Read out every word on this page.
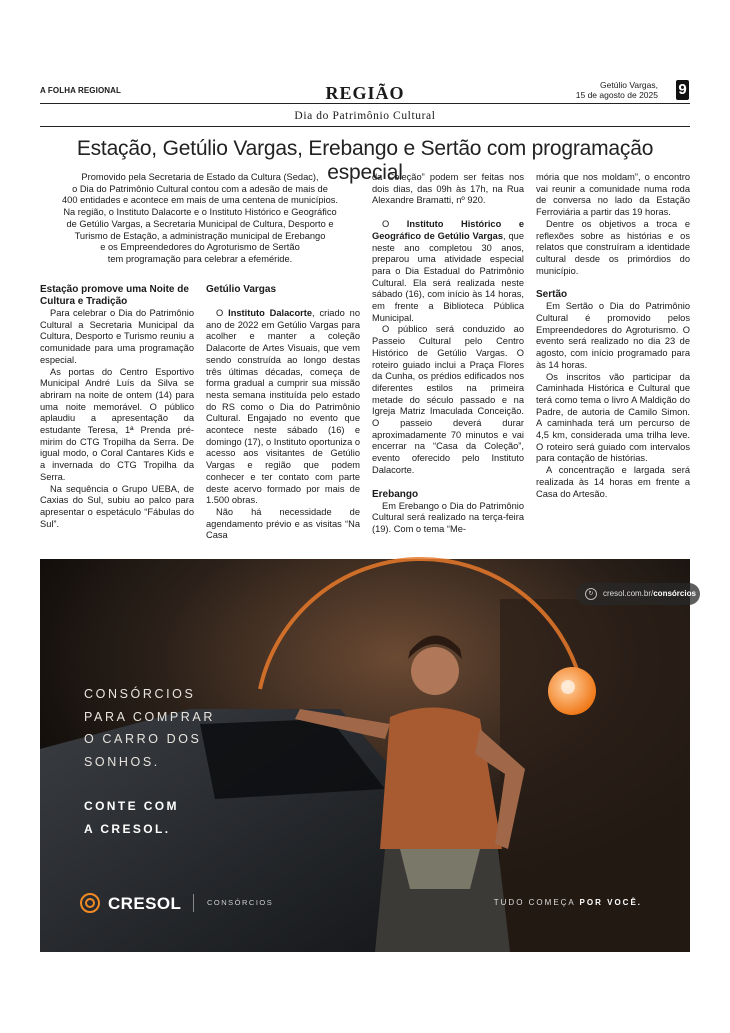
A FOLHA REGIONAL	REGIÃO	Getúlio Vargas,
15 de agosto de 2025 9
Dia do Patrimônio Cultural
Estação, Getúlio Vargas, Erebango e Sertão com programação especial
Promovido pela Secretaria de Estado da Cultura (Sedac),
o Dia do Patrimônio Cultural contou com a adesão de mais de
400 entidades e acontece em mais de uma centena de municípios.
Na região, o Instituto Dalacorte e o Instituto Histórico e Geográfico
de Getúlio Vargas, a Secretaria Municipal de Cultura, Desporto e
Turismo de Estação, a administração municipal de Erebango
e os Empreendedores do Agroturismo de Sertão
tem programação para celebrar a efeméride.
Estação promove uma Noite de Cultura e Tradição

Para celebrar o Dia do Patrimônio Cultural a Secretaria Municipal da Cultura, Desporto e Turismo reuniu a comunidade para uma programação especial.

As portas do Centro Esportivo Municipal André Luís da Silva se abriram na noite de ontem (14) para uma noite memorável. O público aplaudiu a apresentação da estudante Teresa, 1ª Prenda pré-mirim do CTG Tropilha da Serra. De igual modo, o Coral Cantares Kids e a invernada do CTG Tropilha da Serra.

Na sequência o Grupo UEBA, de Caxias do Sul, subiu ao palco para apresentar o espetáculo “Fábulas do Sul”.

Getúlio Vargas

O Instituto Dalacorte, criado no ano de 2022 em Getúlio Vargas para acolher e manter a coleção Dalacorte de Artes Visuais, que vem sendo construída ao longo destas três últimas décadas, começa de forma gradual a cumprir sua missão nesta semana instituída pelo estado do RS como o Dia do Patrimônio Cultural. Engajado no evento que acontece neste sábado (16) e domingo (17), o Instituto oportuniza o acesso aos visitantes de Getúlio Vargas e região que podem conhecer e ter contato com parte deste acervo formado por mais de 1.500 obras.

Não há necessidade de agendamento prévio e as visitas “Na Casa

da Coleção” podem ser feitas nos dois dias, das 09h às 17h, na Rua Alexandre Bramatti, nº 920.

O Instituto Histórico e Geográfico de Getúlio Vargas, que neste ano completou 30 anos, preparou uma atividade especial para o Dia Estadual do Patrimônio Cultural. Ela será realizada neste sábado (16), com início às 14 horas, em frente a Biblioteca Pública Municipal.

O público será conduzido ao Passeio Cultural pelo Centro Histórico de Getúlio Vargas. O roteiro guiado inclui a Praça Flores da Cunha, os prédios edificados nos diferentes estilos na primeira metade do século passado e na Igreja Matriz Imaculada Conceição. O passeio deverá durar aproximadamente 70 minutos e vai encerrar na “Casa da Coleção”, evento oferecido pelo Instituto Dalacorte.

Erebango

Em Erebango o Dia do Patrimônio Cultural será realizado na terça-feira (19). Com o tema “Me-

mória que nos moldam”, o encontro vai reunir a comunidade numa roda de conversa no lado da Estação Ferroviária a partir das 19 horas.

Dentre os objetivos a troca e reflexões sobre as histórias e os relatos que construíram a identidade cultural desde os primórdios do município.

Sertão

Em Sertão o Dia do Patrimônio Cultural é promovido pelos Empreendedores do Agroturismo. O evento será realizado no dia 23 de agosto, com início programado para às 14 horas.

Os inscritos vão participar da Caminhada Histórica e Cultural que terá como tema o livro A Maldição do Padre, de autoria de Camilo Simon. A caminhada terá um percurso de 4,5 km, considerada uma trilha leve. O roteiro será guiado com intervalos para contação de histórias.

A concentração e largada será realizada às 14 horas em frente a Casa do Artesão.

↻ cresol.com.br/consórcios
CONSÓRCIOS
PARA COMPRAR
O CARRO DOS
SONHOS.
CONTE COM
A CRESOL.
CRESOL	CONSÓRCIOS	TUDO COMEÇA POR VOCÊ.
